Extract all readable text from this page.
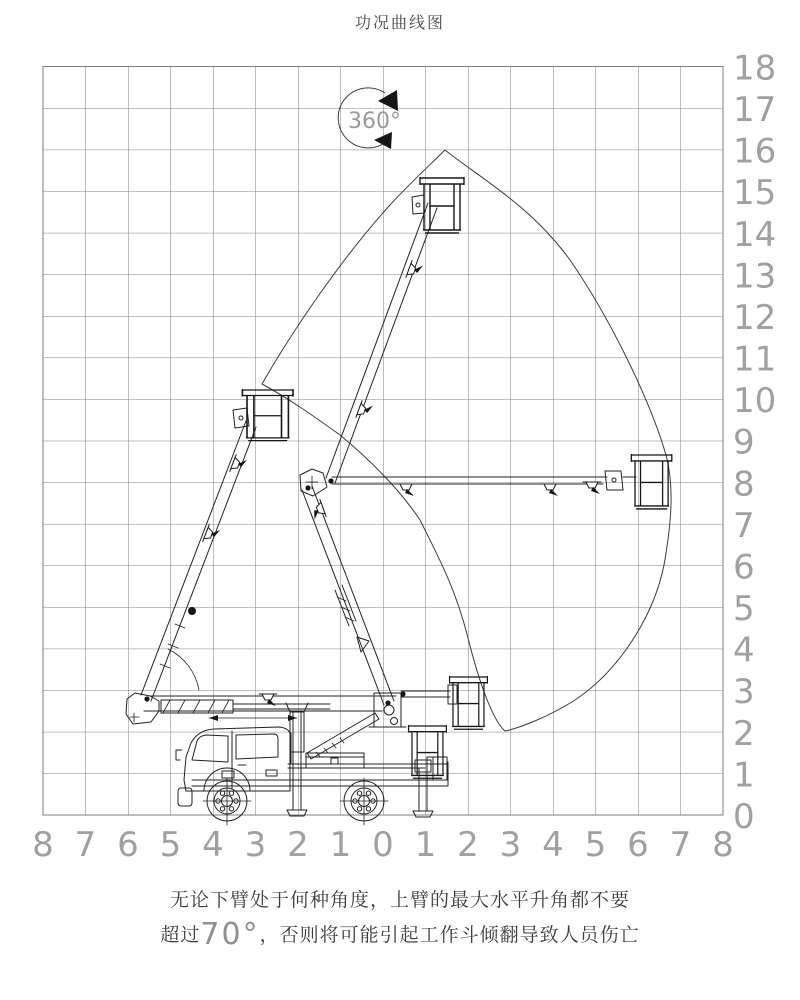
功况曲线图
18
17
16
15
14
13
12
11
10
9
8
7
6
5
4
3
2
1
0
8 7 6 5 4 3 2 1 0 1 2 3 4 5 6 7 8
360°
无论下臂处于何种角度，上臂的最大水平升角都不要
超过70°，否则将可能引起工作斗倾翻导致人员伤亡
